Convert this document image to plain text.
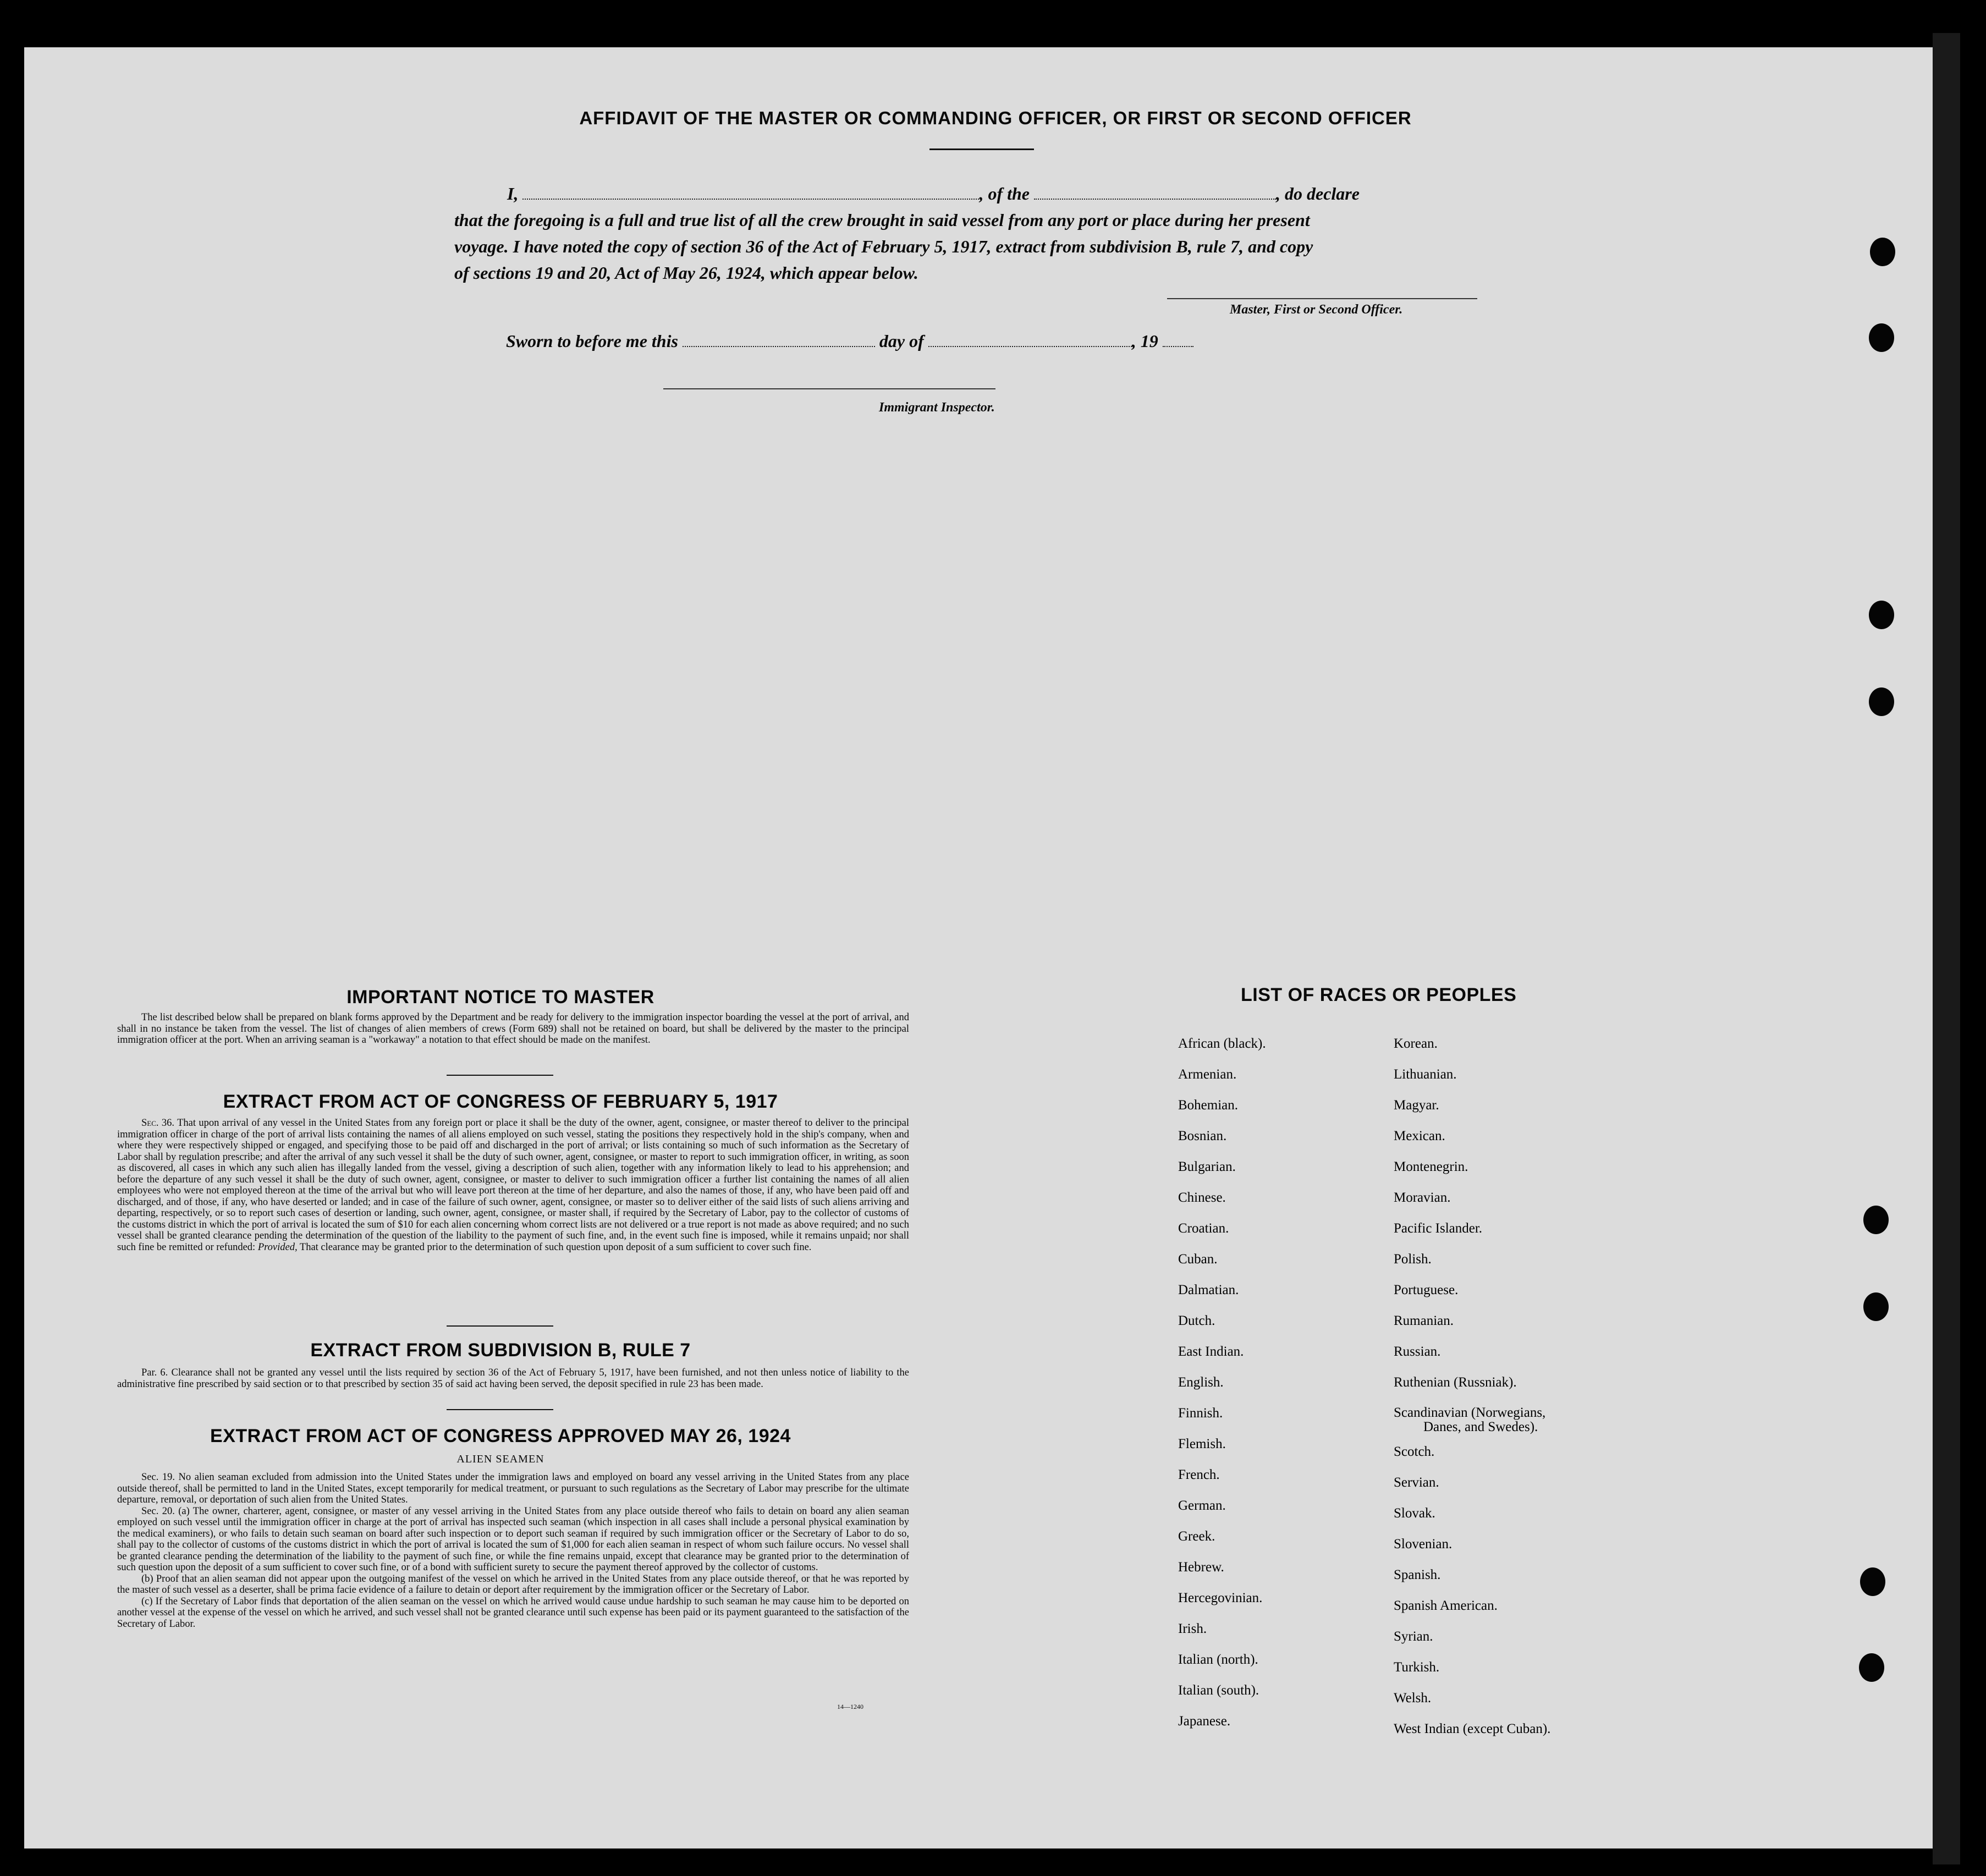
AFFIDAVIT OF THE MASTER OR COMMANDING OFFICER, OR FIRST OR SECOND OFFICER
I,	, of the	, do declare
that the foregoing is a full and true list of all the crew brought in said vessel from any port or place during her present
voyage. I have noted the copy of section 36 of the Act of February 5, 1917, extract from subdivision B, rule 7, and copy
of sections 19 and 20, Act of May 26, 1924, which appear below.
Master, First or Second Officer.
Sworn to before me this	day of	, 19
Immigrant Inspector.
IMPORTANT NOTICE TO MASTER

The list described below shall be prepared on blank forms approved by the Department and be ready for delivery to the immigration inspector boarding the vessel at the port of arrival, and shall in no instance be taken from the vessel. The list of changes of alien members of crews (Form 689) shall not be retained on board, but shall be delivered by the master to the principal immigration officer at the port. When an arriving seaman is a "workaway" a notation to that effect should be made on the manifest.

EXTRACT FROM ACT OF CONGRESS OF FEBRUARY 5, 1917

Sec. 36. That upon arrival of any vessel in the United States from any foreign port or place it shall be the duty of the owner, agent, consignee, or master thereof to deliver to the principal immigration officer in charge of the port of arrival lists containing the names of all aliens employed on such vessel, stating the positions they respectively hold in the ship's company, when and where they were respectively shipped or engaged, and specifying those to be paid off and discharged in the port of arrival; or lists containing so much of such information as the Secretary of Labor shall by regulation prescribe; and after the arrival of any such vessel it shall be the duty of such owner, agent, consignee, or master to report to such immigration officer, in writing, as soon as discovered, all cases in which any such alien has illegally landed from the vessel, giving a description of such alien, together with any information likely to lead to his apprehension; and before the departure of any such vessel it shall be the duty of such owner, agent, consignee, or master to deliver to such immigration officer a further list containing the names of all alien employees who were not employed thereon at the time of the arrival but who will leave port thereon at the time of her departure, and also the names of those, if any, who have been paid off and discharged, and of those, if any, who have deserted or landed; and in case of the failure of such owner, agent, consignee, or master so to deliver either of the said lists of such aliens arriving and departing, respectively, or so to report such cases of desertion or landing, such owner, agent, consignee, or master shall, if required by the Secretary of Labor, pay to the collector of customs of the customs district in which the port of arrival is located the sum of $10 for each alien concerning whom correct lists are not delivered or a true report is not made as above required; and no such vessel shall be granted clearance pending the determination of the question of the liability to the payment of such fine, and, in the event such fine is imposed, while it remains unpaid; nor shall such fine be remitted or refunded: Provided, That clearance may be granted prior to the determination of such question upon deposit of a sum sufficient to cover such fine.

EXTRACT FROM SUBDIVISION B, RULE 7

Par. 6. Clearance shall not be granted any vessel until the lists required by section 36 of the Act of February 5, 1917, have been furnished, and not then unless notice of liability to the administrative fine prescribed by said section or to that prescribed by section 35 of said act having been served, the deposit specified in rule 23 has been made.

EXTRACT FROM ACT OF CONGRESS APPROVED MAY 26, 1924
ALIEN SEAMEN

Sec. 19. No alien seaman excluded from admission into the United States under the immigration laws and employed on board any vessel arriving in the United States from any place outside thereof, shall be permitted to land in the United States, except temporarily for medical treatment, or pursuant to such regulations as the Secretary of Labor may prescribe for the ultimate departure, removal, or deportation of such alien from the United States.

Sec. 20. (a) The owner, charterer, agent, consignee, or master of any vessel arriving in the United States from any place outside thereof who fails to detain on board any alien seaman employed on such vessel until the immigration officer in charge at the port of arrival has inspected such seaman (which inspection in all cases shall include a personal physical examination by the medical examiners), or who fails to detain such seaman on board after such inspection or to deport such seaman if required by such immigration officer or the Secretary of Labor to do so, shall pay to the collector of customs of the customs district in which the port of arrival is located the sum of $1,000 for each alien seaman in respect of whom such failure occurs. No vessel shall be granted clearance pending the determination of the liability to the payment of such fine, or while the fine remains unpaid, except that clearance may be granted prior to the determination of such question upon the deposit of a sum sufficient to cover such fine, or of a bond with sufficient surety to secure the payment thereof approved by the collector of customs.

(b) Proof that an alien seaman did not appear upon the outgoing manifest of the vessel on which he arrived in the United States from any place outside thereof, or that he was reported by the master of such vessel as a deserter, shall be prima facie evidence of a failure to detain or deport after requirement by the immigration officer or the Secretary of Labor.

(c) If the Secretary of Labor finds that deportation of the alien seaman on the vessel on which he arrived would cause undue hardship to such seaman he may cause him to be deported on another vessel at the expense of the vessel on which he arrived, and such vessel shall not be granted clearance until such expense has been paid or its payment guaranteed to the satisfaction of the Secretary of Labor.

14—1240
LIST OF RACES OR PEOPLES
African (black).
Armenian.
Bohemian.
Bosnian.
Bulgarian.
Chinese.
Croatian.
Cuban.
Dalmatian.
Dutch.
East Indian.
English.
Finnish.
Flemish.
French.
German.
Greek.
Hebrew.
Hercegovinian.
Irish.
Italian (north).
Italian (south).
Japanese.
Korean.
Lithuanian.
Magyar.
Mexican.
Montenegrin.
Moravian.
Pacific Islander.
Polish.
Portuguese.
Rumanian.
Russian.
Ruthenian (Russniak).
Scandinavian (Norwegians,
Danes, and Swedes).
Scotch.
Servian.
Slovak.
Slovenian.
Spanish.
Spanish American.
Syrian.
Turkish.
Welsh.
West Indian (except Cuban).
